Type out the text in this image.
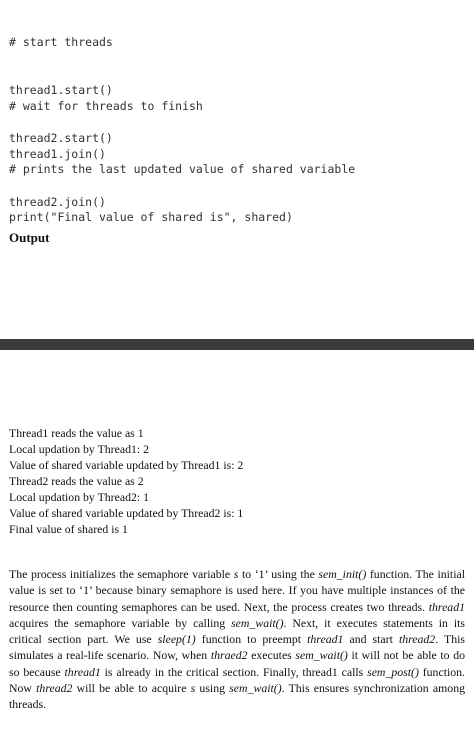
# start threads

thread1.start()

thread2.start()

# wait for threads to finish

thread1.join()

thread2.join()

# prints the last updated value of shared variable

print("Final value of shared is", shared)

Output
Thread1 reads the value as 1
Local updation by Thread1: 2
Value of shared variable updated by Thread1 is: 2
Thread2 reads the value as 2
Local updation by Thread2: 1
Value of shared variable updated by Thread2 is: 1
Final value of shared is 1

The process initializes the semaphore variable s to ‘1’ using the sem_init() function. The initial value is set to ‘1’ because binary semaphore is used here. If you have multiple instances of the resource then counting semaphores can be used. Next, the process creates two threads. thread1 acquires the semaphore variable by calling sem_wait(). Next, it executes statements in its critical section part. We use sleep(1) function to preempt thread1 and start thread2. This simulates a real-life scenario. Now, when thraed2 executes sem_wait() it will not be able to do so because thread1 is already in the critical section. Finally, thread1 calls sem_post() function. Now thread2 will be able to acquire s using sem_wait(). This ensures synchronization among threads.
